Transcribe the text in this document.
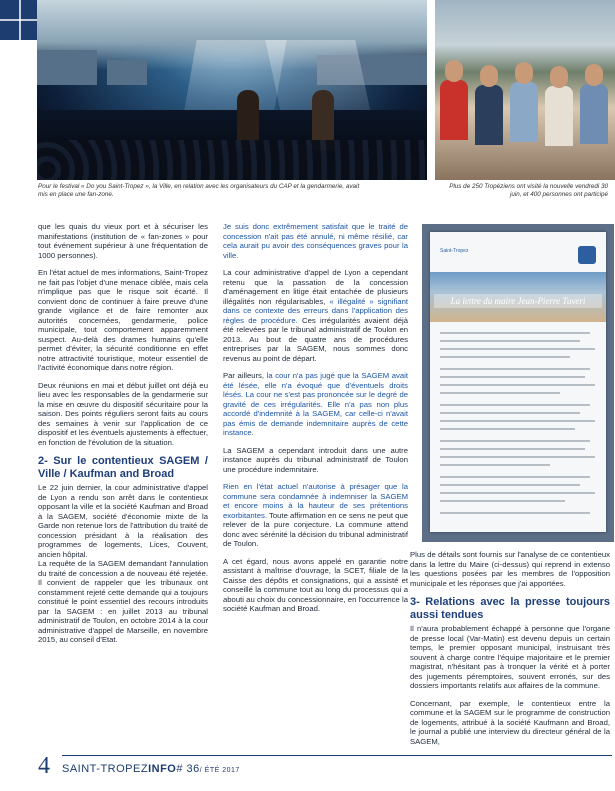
Pour le festival « Do you Saint-Tropez », la Ville, en relation avec les organisateurs du CAP et la gendarmerie, avait mis en place une fan-zone.
Plus de 250 Tropéziens ont visité la nouvelle vendredi 30 juin, et 400 personnes ont participé

que les quais du vieux port et à sécuriser les manifestations (institution de « fan-zones » pour tout événement supérieur à une fréquentation de 1000 personnes).

En l'état actuel de mes informations, Saint-Tropez ne fait pas l'objet d'une menace ciblée, mais cela n'implique pas que le risque soit écarté. Il convient donc de continuer à faire preuve d'une grande vigilance et de faire remonter aux autorités concernées, gendarmerie, police municipale, tout comportement apparemment suspect. Au-delà des drames humains qu'elle permet d'éviter, la sécurité conditionne en effet notre attractivité touristique, moteur essentiel de l'activité économique dans notre région.

Deux réunions en mai et début juillet ont déjà eu lieu avec les responsables de la gendarmerie sur la mise en œuvre du dispositif sécuritaire pour la saison. Des points réguliers seront faits au cours des semaines à venir sur l'application de ce dispositif et les éventuels ajustements à effectuer, en fonction de l'évolution de la situation.

2- Sur le contentieux SAGEM / Ville / Kaufman and Broad

Le 22 juin dernier, la cour administrative d'appel de Lyon a rendu son arrêt dans le contentieux opposant la ville et la société Kaufman and Broad à la SAGEM, société d'économie mixte de la Garde non retenue lors de l'attribution du traité de concession présidant à la réalisation des programmes de logements, Lices, Couvent, ancien hôpital.

La requête de la SAGEM demandant l'annulation du traité de concession a de nouveau été rejetée. Il convient de rappeler que les tribunaux ont constamment rejeté cette demande qui a toujours constitué le point essentiel des recours introduits par la SAGEM : en juillet 2013 au tribunal administratif de Toulon, en octobre 2014 à la cour administrative d'appel de Marseille, en novembre 2015, au conseil d'Etat.

Je suis donc extrêmement satisfait que le traité de concession n'ait pas été annulé, ni même résilié, car cela aurait pu avoir des conséquences graves pour la ville.

La cour administrative d'appel de Lyon a cependant retenu que la passation de la concession d'aménagement en litige était entachée de plusieurs illégalités non régularisables, « illégalité » signifiant dans ce contexte des erreurs dans l'application des règles de procédure. Ces irrégularités avaient déjà été relevées par le tribunal administratif de Toulon en 2013. Au bout de quatre ans de procédures entreprises par la SAGEM, nous sommes donc revenus au point de départ.

Par ailleurs, la cour n'a pas jugé que la SAGEM avait été lésée, elle n'a évoqué que d'éventuels droits lésés. La cour ne s'est pas prononcée sur le degré de gravité de ces irrégularités. Elle n'a pas non plus accordé d'indemnité à la SAGEM, car celle-ci n'avait pas émis de demande indemnitaire auprès de cette instance.

La SAGEM a cependant introduit dans une autre instance auprès du tribunal administratif de Toulon une procédure indemnitaire.

Rien en l'état actuel n'autorise à présager que la commune sera condamnée à indemniser la SAGEM et encore moins à la hauteur de ses prétentions exorbitantes. Toute affirmation en ce sens ne peut que relever de la pure conjecture. La commune attend donc avec sérénité la décision du tribunal administratif de Toulon.

A cet égard, nous avons appelé en garantie notre assistant à maîtrise d'ouvrage, la SCET, filiale de la Caisse des dépôts et consignations, qui a assisté et conseillé la commune tout au long du processus qui a abouti au choix du concessionnaire, en l'occurrence la société Kaufman and Broad.

Saint-Tropez
La lettre du maire Jean-Pierre Tuveri

Plus de détails sont fournis sur l'analyse de ce contentieux dans la lettre du Maire (ci-dessus) qui reprend in extenso les questions posées par les membres de l'opposition municipale et les réponses que j'ai apportées.

3- Relations avec la presse toujours aussi tendues

Il n'aura probablement échappé à personne que l'organe de presse local (Var-Matin) est devenu depuis un certain temps, le premier opposant municipal, instruisant très souvent à charge contre l'équipe majoritaire et le premier magistrat, n'hésitant pas à tronquer la vérité et à porter des jugements péremptoires, souvent erronés, sur des dossiers importants relatifs aux affaires de la commune.

Concernant, par exemple, le contentieux entre la commune et la SAGEM sur le programme de construction de logements, attribué à la société Kaufmann and Broad, le journal a publié une interview du directeur général de la SAGEM,

4 SAINT-TROPEZINFO# 36/ ÉTÉ 2017
